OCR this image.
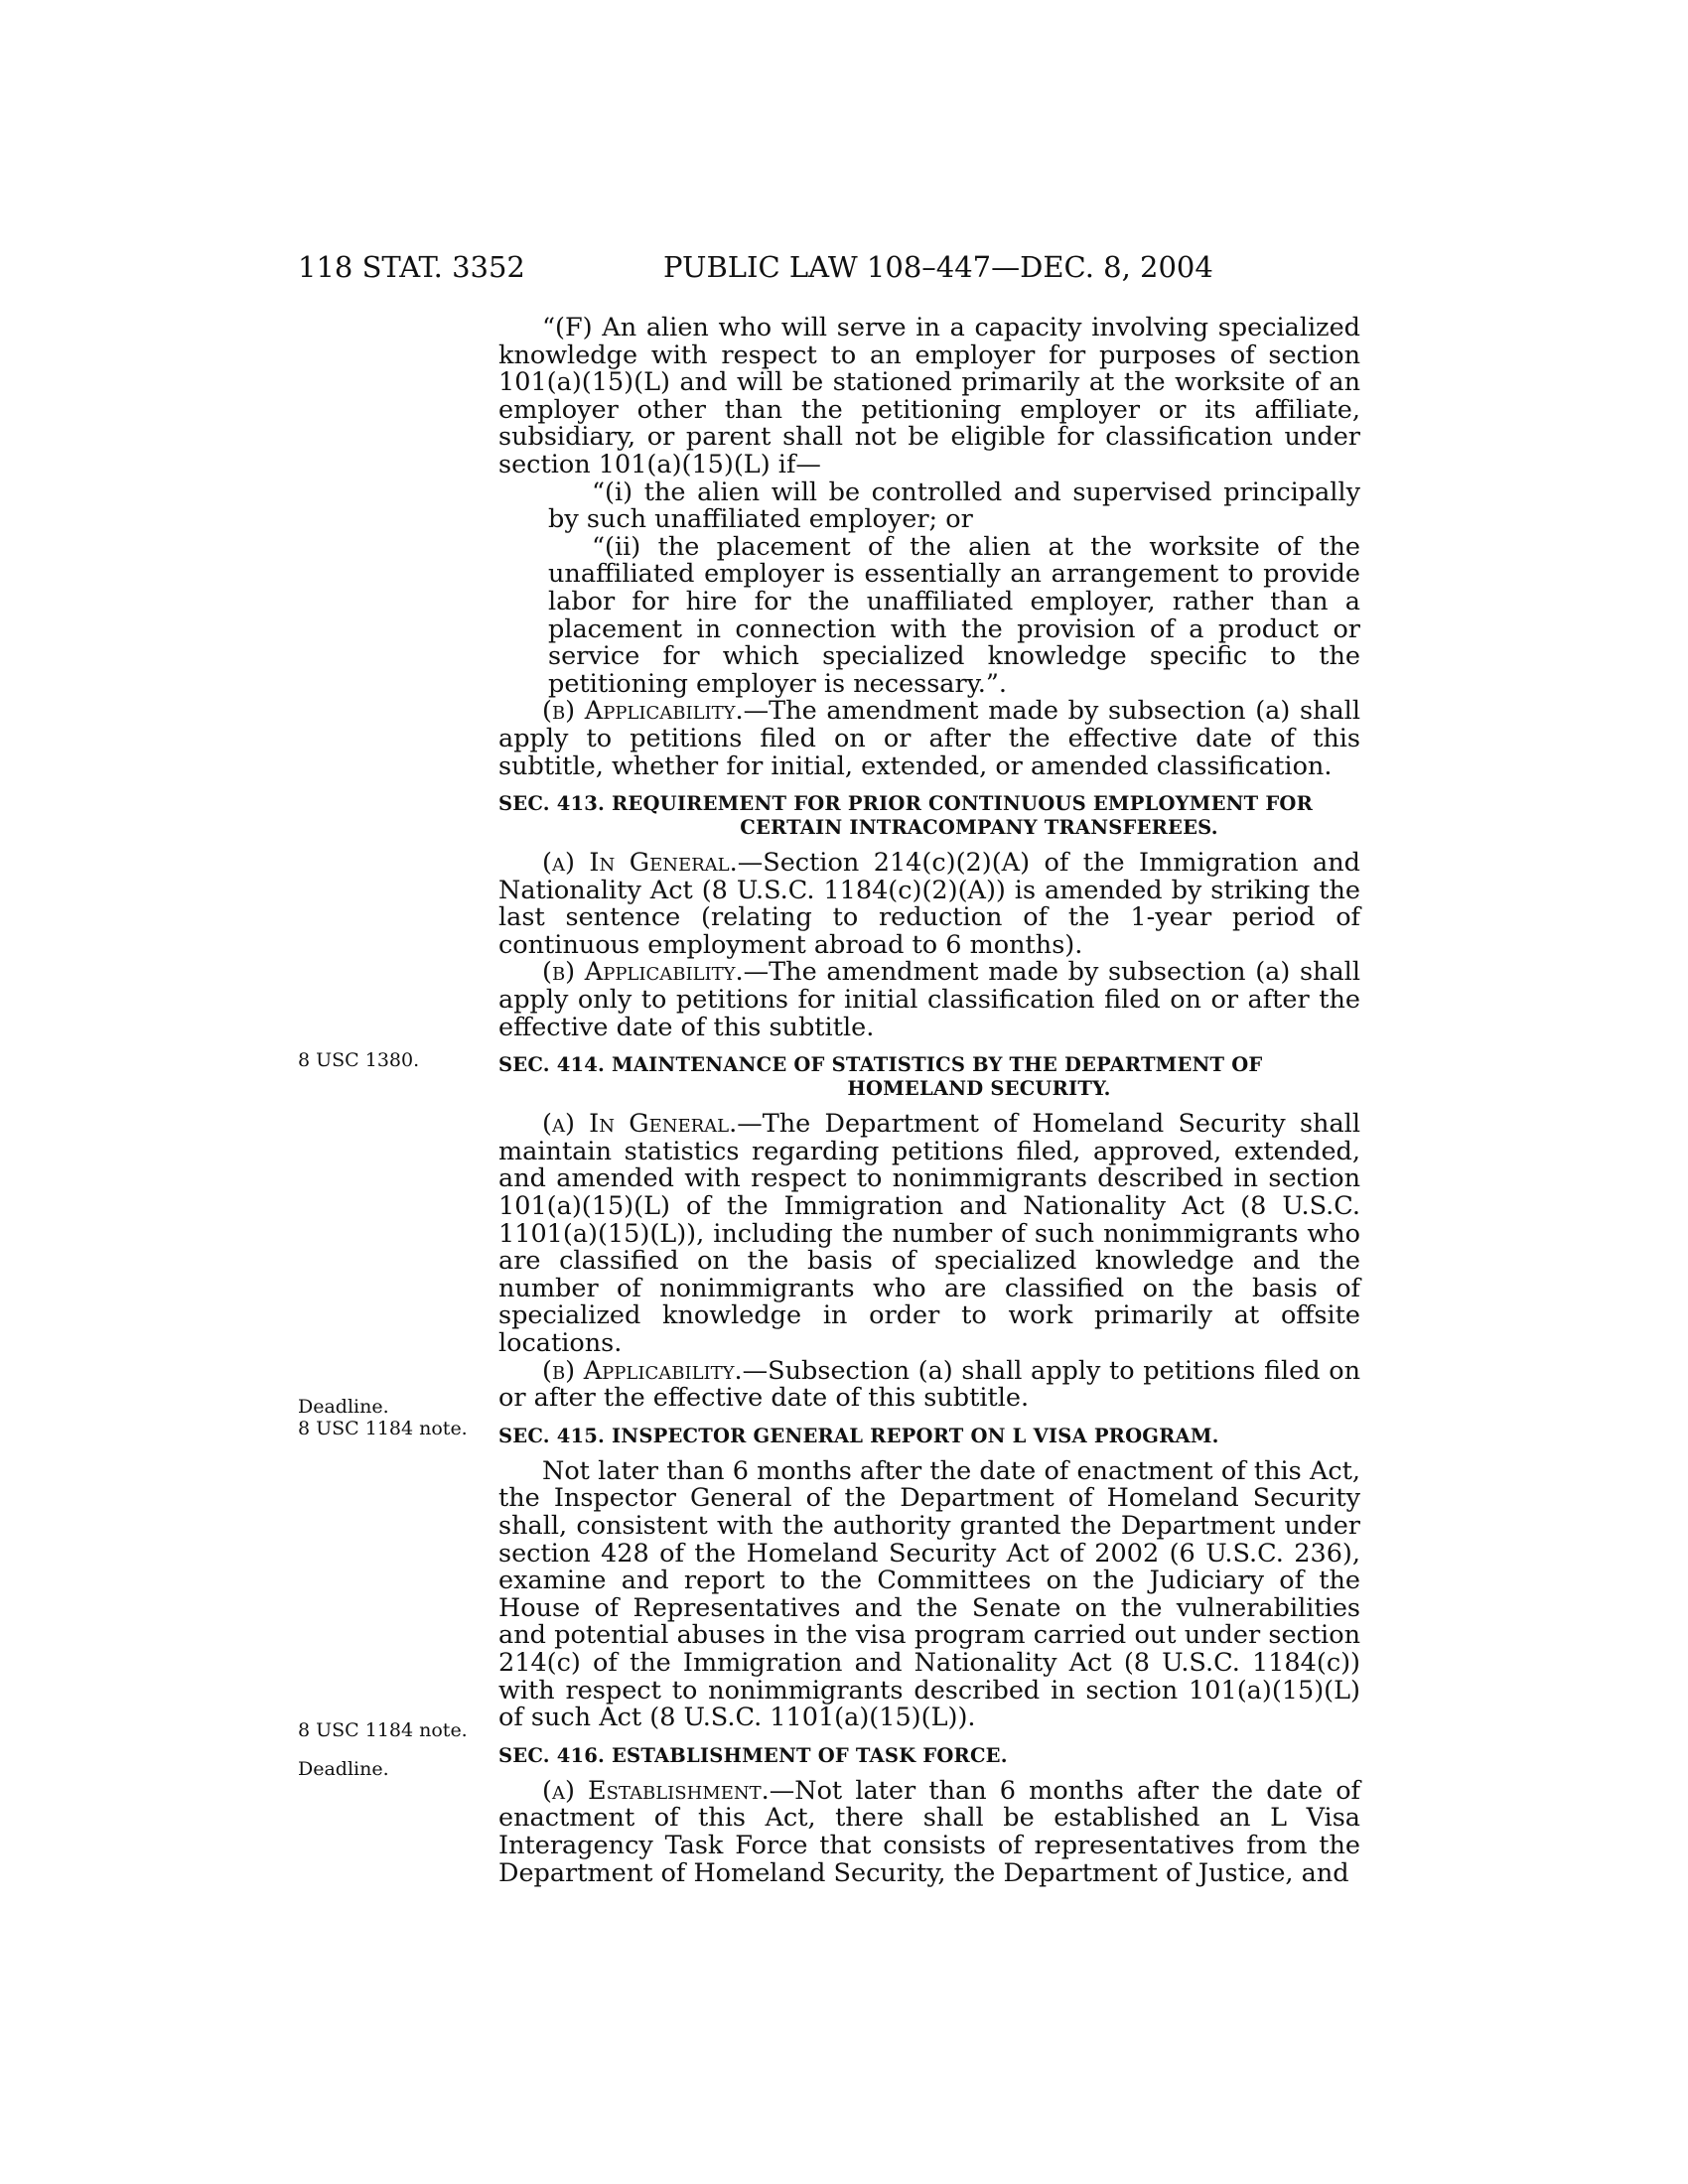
118 STAT. 3352	PUBLIC LAW 108–447—DEC. 8, 2004
8 USC 1380.
Deadline.
8 USC 1184 note.
8 USC 1184 note.
Deadline.

“(F) An alien who will serve in a capacity involving specialized knowledge with respect to an employer for purposes of section 101(a)(15)(L) and will be stationed primarily at the worksite of an employer other than the petitioning employer or its affiliate, subsidiary, or parent shall not be eligible for classification under section 101(a)(15)(L) if—

“(i) the alien will be controlled and supervised principally by such unaffiliated employer; or

“(ii) the placement of the alien at the worksite of the unaffiliated employer is essentially an arrangement to provide labor for hire for the unaffiliated employer, rather than a placement in connection with the provision of a product or service for which specialized knowledge specific to the petitioning employer is necessary.”.

(b) Applicability.—The amendment made by subsection (a) shall apply to petitions filed on or after the effective date of this subtitle, whether for initial, extended, or amended classification.

SEC. 413. REQUIREMENT FOR PRIOR CONTINUOUS EMPLOYMENT FOR
CERTAIN INTRACOMPANY TRANSFEREES.

(a) In General.—Section 214(c)(2)(A) of the Immigration and Nationality Act (8 U.S.C. 1184(c)(2)(A)) is amended by striking the last sentence (relating to reduction of the 1-year period of continuous employment abroad to 6 months).

(b) Applicability.—The amendment made by subsection (a) shall apply only to petitions for initial classification filed on or after the effective date of this subtitle.

SEC. 414. MAINTENANCE OF STATISTICS BY THE DEPARTMENT OF
HOMELAND SECURITY.

(a) In General.—The Department of Homeland Security shall maintain statistics regarding petitions filed, approved, extended, and amended with respect to nonimmigrants described in section 101(a)(15)(L) of the Immigration and Nationality Act (8 U.S.C. 1101(a)(15)(L)), including the number of such nonimmigrants who are classified on the basis of specialized knowledge and the number of nonimmigrants who are classified on the basis of specialized knowledge in order to work primarily at offsite locations.

(b) Applicability.—Subsection (a) shall apply to petitions filed on or after the effective date of this subtitle.

SEC. 415. INSPECTOR GENERAL REPORT ON L VISA PROGRAM.

Not later than 6 months after the date of enactment of this Act, the Inspector General of the Department of Homeland Security shall, consistent with the authority granted the Department under section 428 of the Homeland Security Act of 2002 (6 U.S.C. 236), examine and report to the Committees on the Judiciary of the House of Representatives and the Senate on the vulnerabilities and potential abuses in the visa program carried out under section 214(c) of the Immigration and Nationality Act (8 U.S.C. 1184(c)) with respect to nonimmigrants described in section 101(a)(15)(L) of such Act (8 U.S.C. 1101(a)(15)(L)).

SEC. 416. ESTABLISHMENT OF TASK FORCE.

(a) Establishment.—Not later than 6 months after the date of enactment of this Act, there shall be established an L Visa Interagency Task Force that consists of representatives from the Department of Homeland Security, the Department of Justice, and
